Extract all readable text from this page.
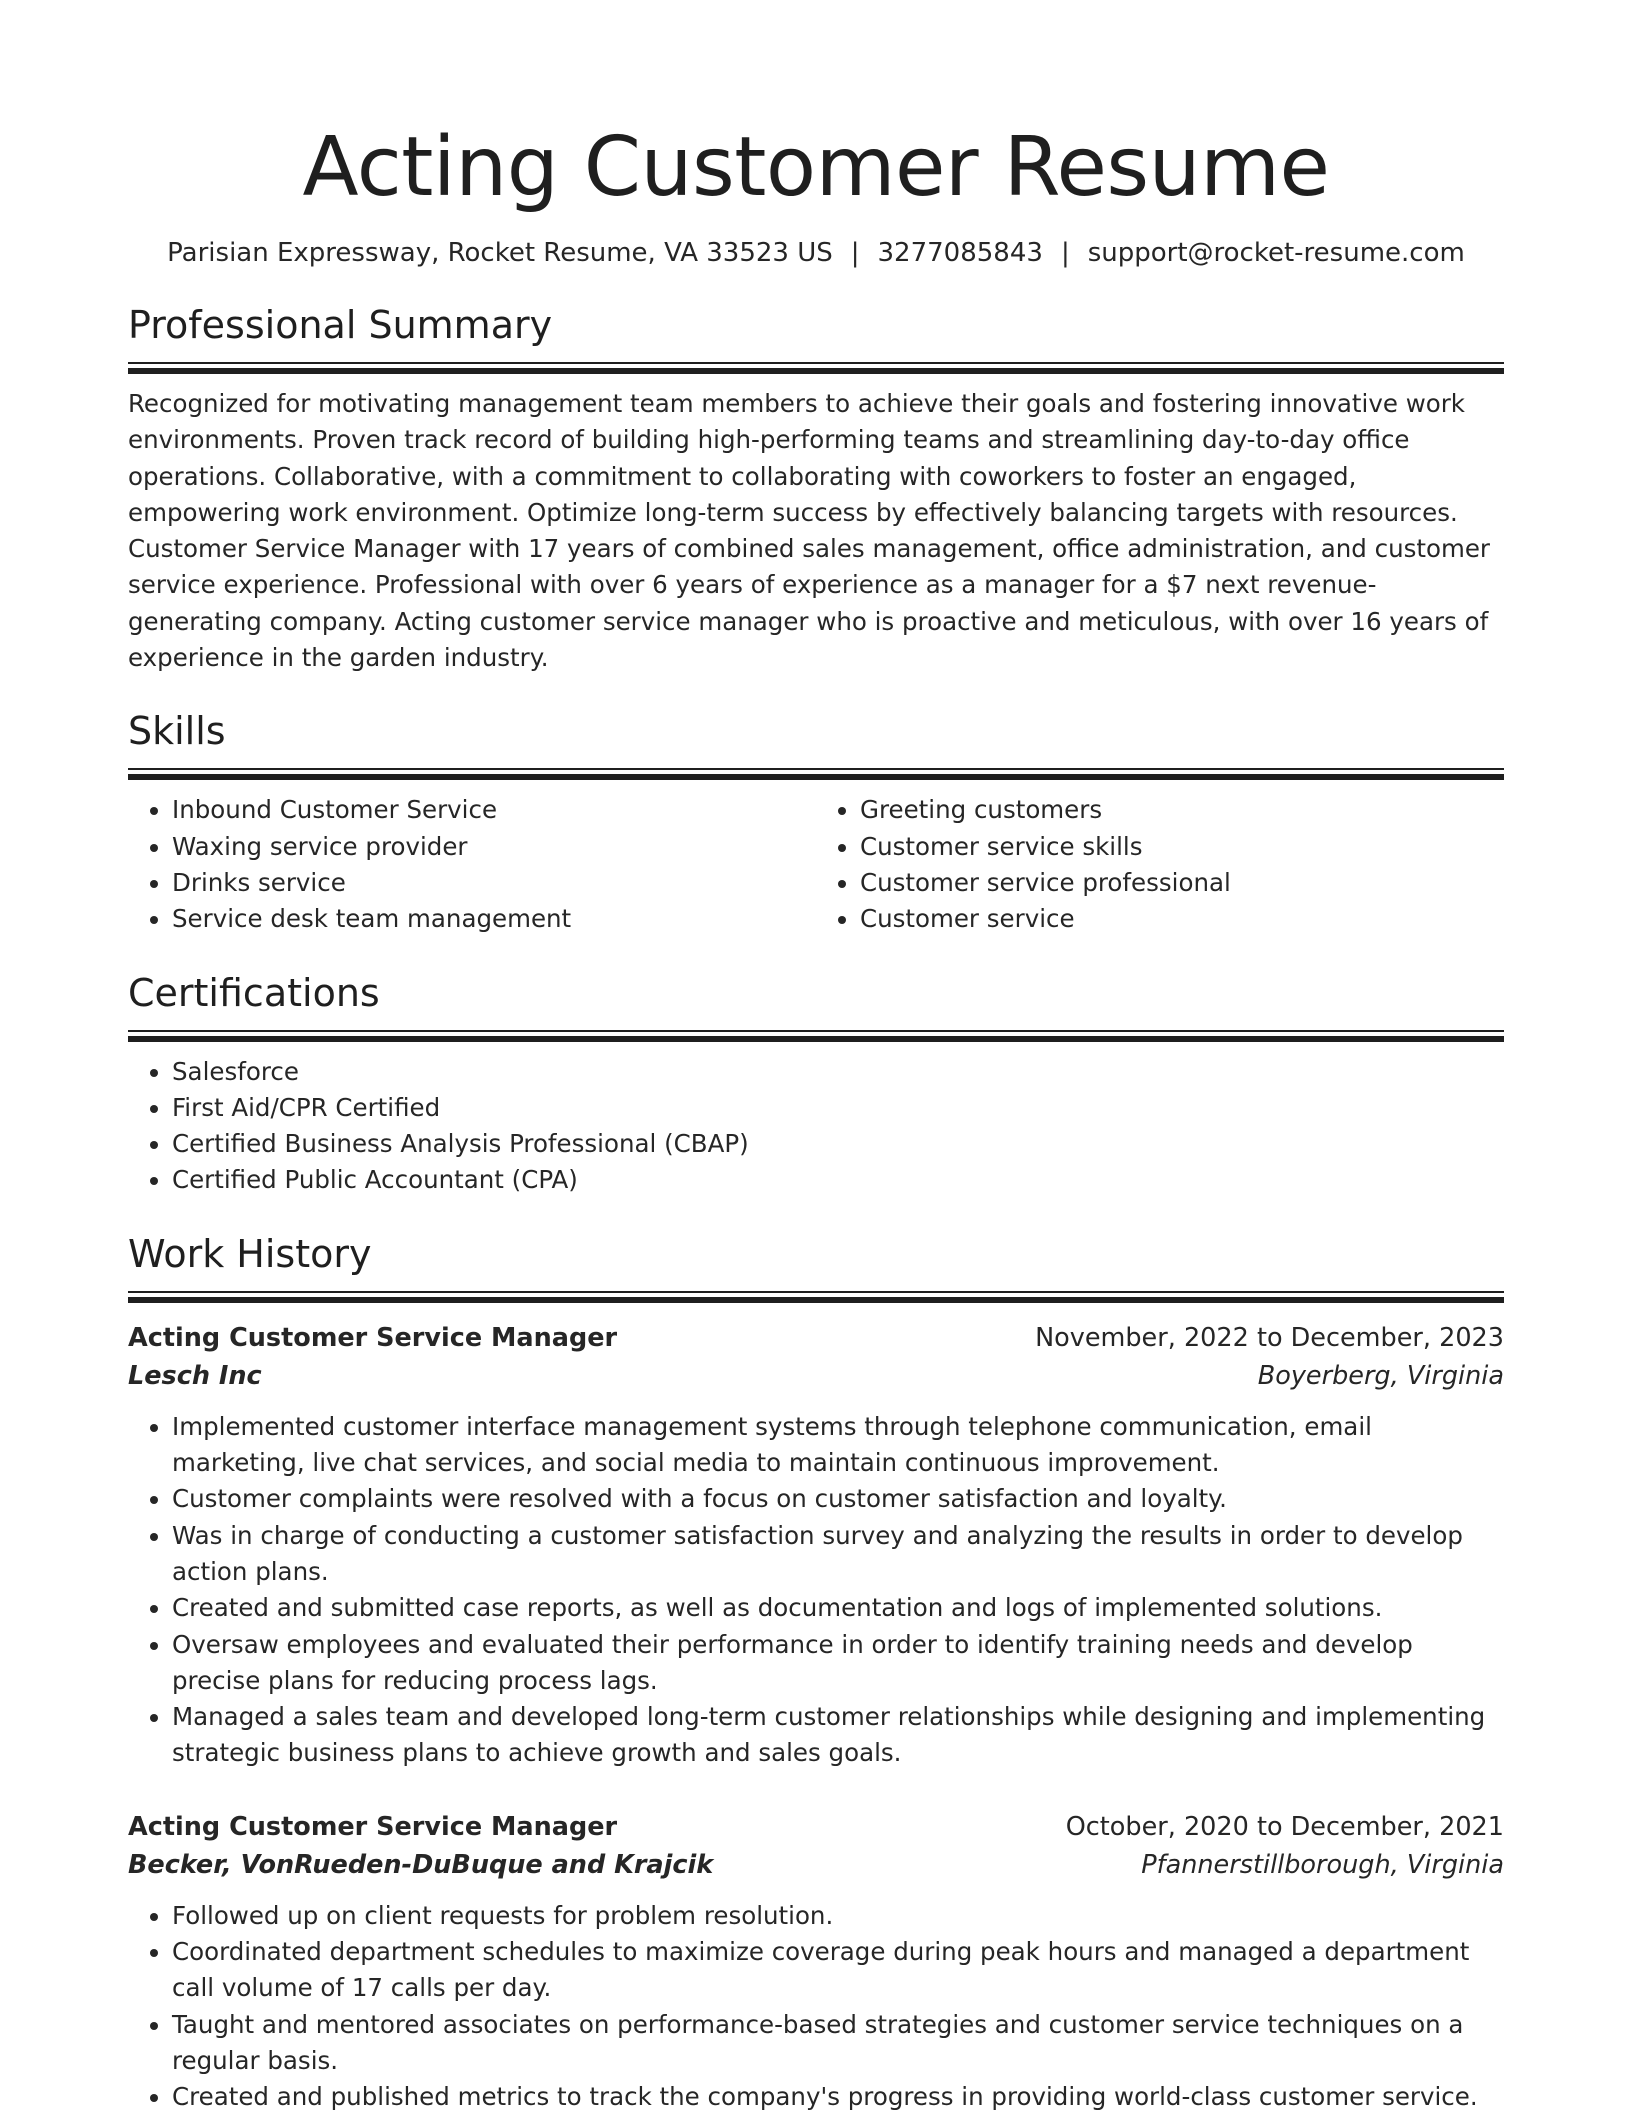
Acting Customer Resume
Parisian Expressway, Rocket Resume, VA 33523 US | 3277085843 | support@rocket-resume.com
Professional Summary
Recognized for motivating management team members to achieve their goals and fostering innovative work environments. Proven track record of building high-performing teams and streamlining day-to-day office operations. Collaborative, with a commitment to collaborating with coworkers to foster an engaged, empowering work environment. Optimize long-term success by effectively balancing targets with resources. Customer Service Manager with 17 years of combined sales management, office administration, and customer service experience. Professional with over 6 years of experience as a manager for a $7 next revenue-generating company. Acting customer service manager who is proactive and meticulous, with over 16 years of experience in the garden industry.
Skills
• Inbound Customer Service
• Waxing service provider
• Drinks service
• Service desk team management
• Greeting customers
• Customer service skills
• Customer service professional
• Customer service
Certifications
• Salesforce
• First Aid/CPR Certified
• Certified Business Analysis Professional (CBAP)
• Certified Public Accountant (CPA)
Work History
Acting Customer Service Manager	November, 2022 to December, 2023
Lesch Inc	Boyerberg, Virginia
• Implemented customer interface management systems through telephone communication, email marketing, live chat services, and social media to maintain continuous improvement.
• Customer complaints were resolved with a focus on customer satisfaction and loyalty.
• Was in charge of conducting a customer satisfaction survey and analyzing the results in order to develop action plans.
• Created and submitted case reports, as well as documentation and logs of implemented solutions.
• Oversaw employees and evaluated their performance in order to identify training needs and develop precise plans for reducing process lags.
• Managed a sales team and developed long-term customer relationships while designing and implementing strategic business plans to achieve growth and sales goals.
Acting Customer Service Manager	October, 2020 to December, 2021
Becker, VonRueden-DuBuque and Krajcik	Pfannerstillborough, Virginia
• Followed up on client requests for problem resolution.
• Coordinated department schedules to maximize coverage during peak hours and managed a department call volume of 17 calls per day.
• Taught and mentored associates on performance-based strategies and customer service techniques on a regular basis.
• Created and published metrics to track the company's progress in providing world-class customer service.
